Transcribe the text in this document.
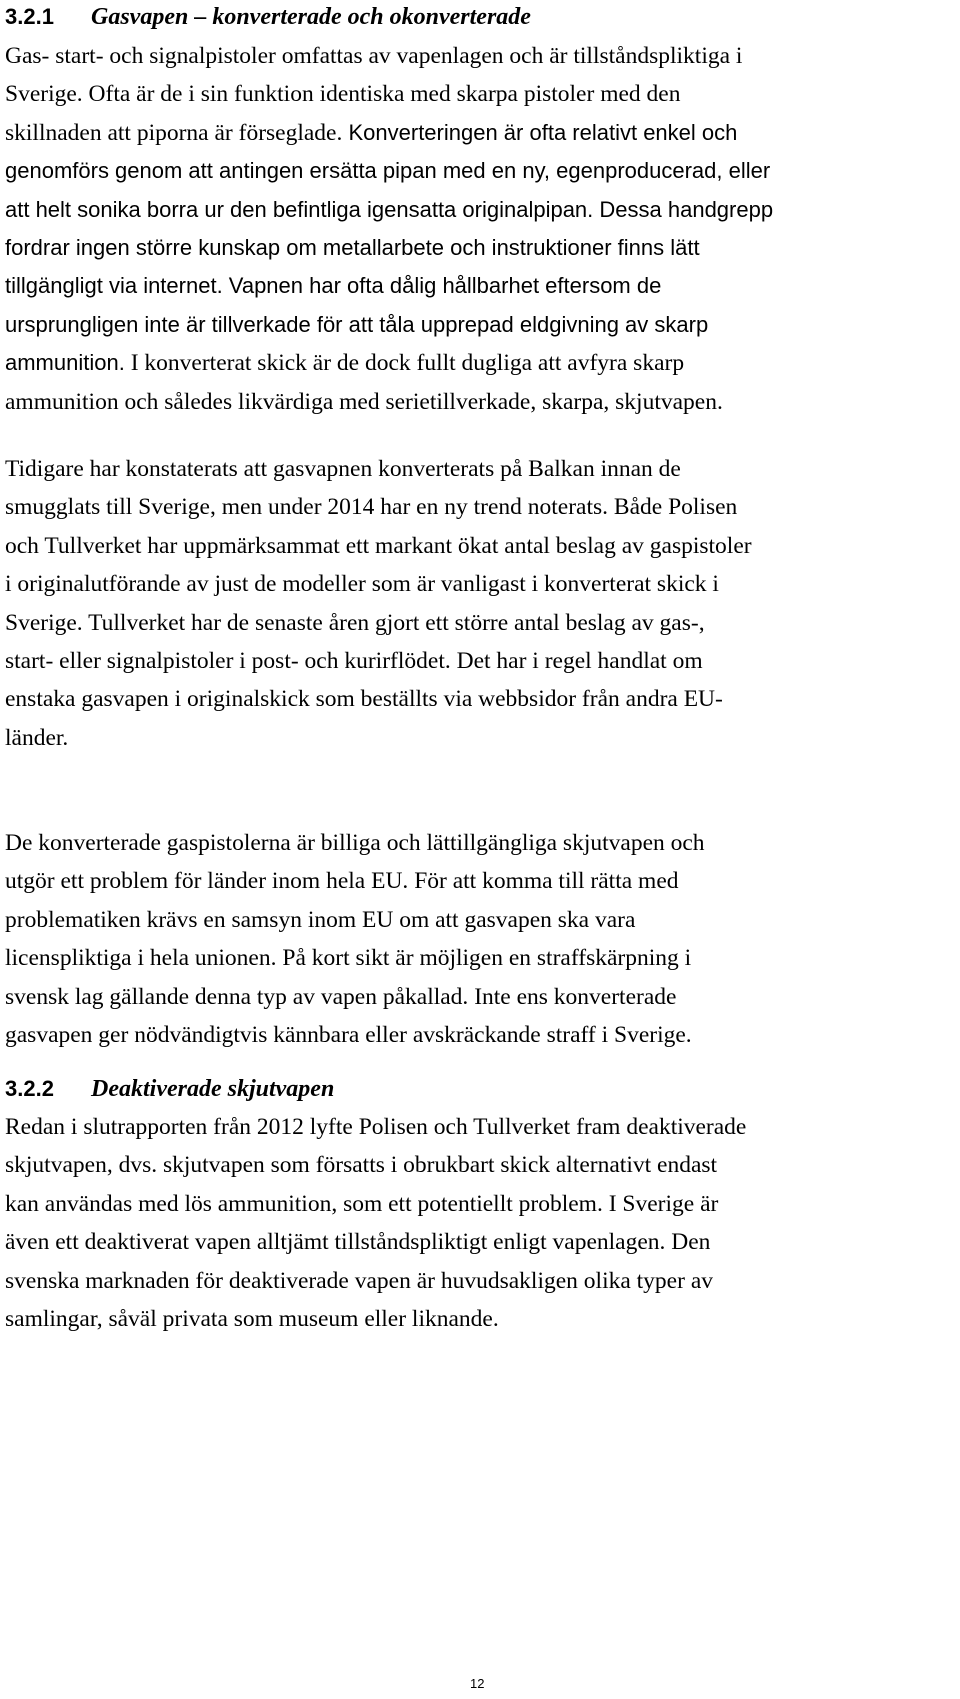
3.2.1 Gasvapen – konverterade och okonverterade
Gas- start- och signalpistoler omfattas av vapenlagen och är tillståndspliktiga i
Sverige. Ofta är de i sin funktion identiska med skarpa pistoler med den
skillnaden att piporna är förseglade. Konverteringen är ofta relativt enkel och
genomförs genom att antingen ersätta pipan med en ny, egenproducerad, eller
att helt sonika borra ur den befintliga igensatta originalpipan. Dessa handgrepp
fordrar ingen större kunskap om metallarbete och instruktioner finns lätt
tillgängligt via internet. Vapnen har ofta dålig hållbarhet eftersom de
ursprungligen inte är tillverkade för att tåla upprepad eldgivning av skarp
ammunition. I konverterat skick är de dock fullt dugliga att avfyra skarp
ammunition och således likvärdiga med serietillverkade, skarpa, skjutvapen.
Tidigare har konstaterats att gasvapnen konverterats på Balkan innan de
smugglats till Sverige, men under 2014 har en ny trend noterats. Både Polisen
och Tullverket har uppmärksammat ett markant ökat antal beslag av gaspistoler
i originalutförande av just de modeller som är vanligast i konverterat skick i
Sverige. Tullverket har de senaste åren gjort ett större antal beslag av gas-,
start- eller signalpistoler i post- och kurirflödet. Det har i regel handlat om
enstaka gasvapen i originalskick som beställts via webbsidor från andra EU-
länder.
De konverterade gaspistolerna är billiga och lättillgängliga skjutvapen och
utgör ett problem för länder inom hela EU. För att komma till rätta med
problematiken krävs en samsyn inom EU om att gasvapen ska vara
licenspliktiga i hela unionen. På kort sikt är möjligen en straffskärpning i
svensk lag gällande denna typ av vapen påkallad. Inte ens konverterade
gasvapen ger nödvändigtvis kännbara eller avskräckande straff i Sverige.
3.2.2 Deaktiverade skjutvapen
Redan i slutrapporten från 2012 lyfte Polisen och Tullverket fram deaktiverade
skjutvapen, dvs. skjutvapen som försatts i obrukbart skick alternativt endast
kan användas med lös ammunition, som ett potentiellt problem. I Sverige är
även ett deaktiverat vapen alltjämt tillståndspliktigt enligt vapenlagen. Den
svenska marknaden för deaktiverade vapen är huvudsakligen olika typer av
samlingar, såväl privata som museum eller liknande.
12
